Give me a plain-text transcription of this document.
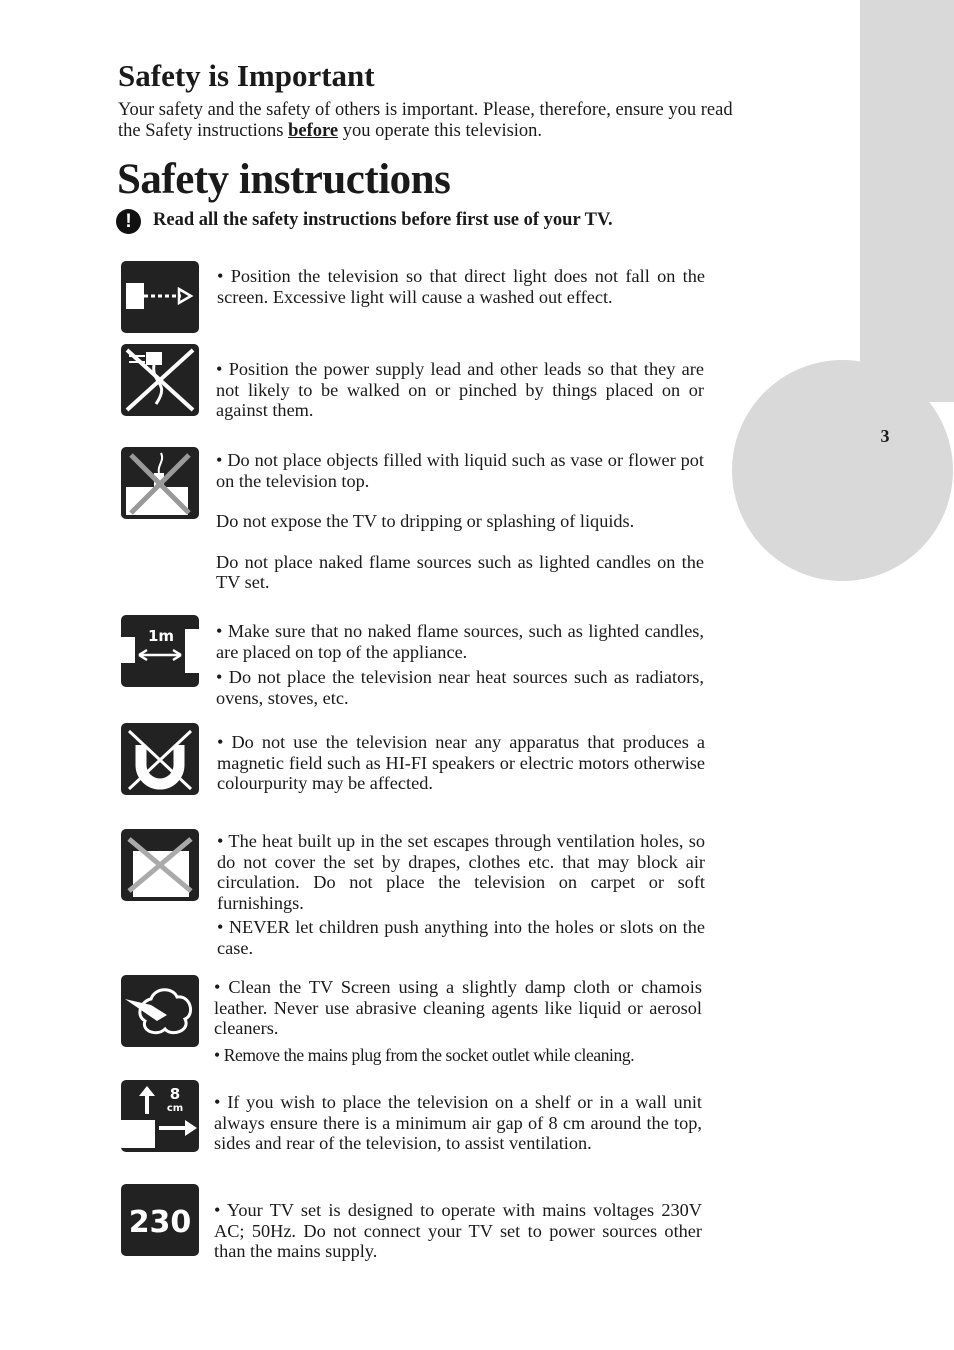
3
Safety is Important
Your safety and the safety of others is important. Please, therefore, ensure you read
the Safety instructions before you operate this television.
Safety instructions
!	Read all the safety instructions before first use of your TV.

• Position the television so that direct light does not fall on the screen. Excessive light will cause a washed out effect.

• Position the power supply lead and other leads so that they are not likely to be walked on or pinched by things placed on or against them.

• Do not place objects filled with liquid such as vase or flower pot on the television top.

Do not expose the TV to dripping or splashing of liquids.

Do not place naked flame sources such as lighted candles on the TV set.

1m • Make sure that no naked flame sources, such as lighted candles, are placed on top of the appliance.

• Do not place the television near heat sources such as radiators, ovens, stoves, etc.

• Do not use the television near any apparatus that produces a magnetic field such as HI-FI speakers or electric motors otherwise colourpurity may be affected.

• The heat built up in the set escapes through ventilation holes, so do not cover the set by drapes, clothes etc. that may block air circulation. Do not place the television on carpet or soft furnishings.

• NEVER let children push anything into the holes or slots on the case.

• Clean the TV Screen using a slightly damp cloth or chamois leather. Never use abrasive cleaning agents like liquid or aerosol cleaners.

• Remove the mains plug from the socket outlet while cleaning.

8
cm • If you wish to place the television on a shelf or in a wall unit always ensure there is a minimum air gap of 8 cm around the top, sides and rear of the television, to assist ventilation.

230 • Your TV set is designed to operate with mains voltages 230V AC; 50Hz. Do not connect your TV set to power sources other than the mains supply.
